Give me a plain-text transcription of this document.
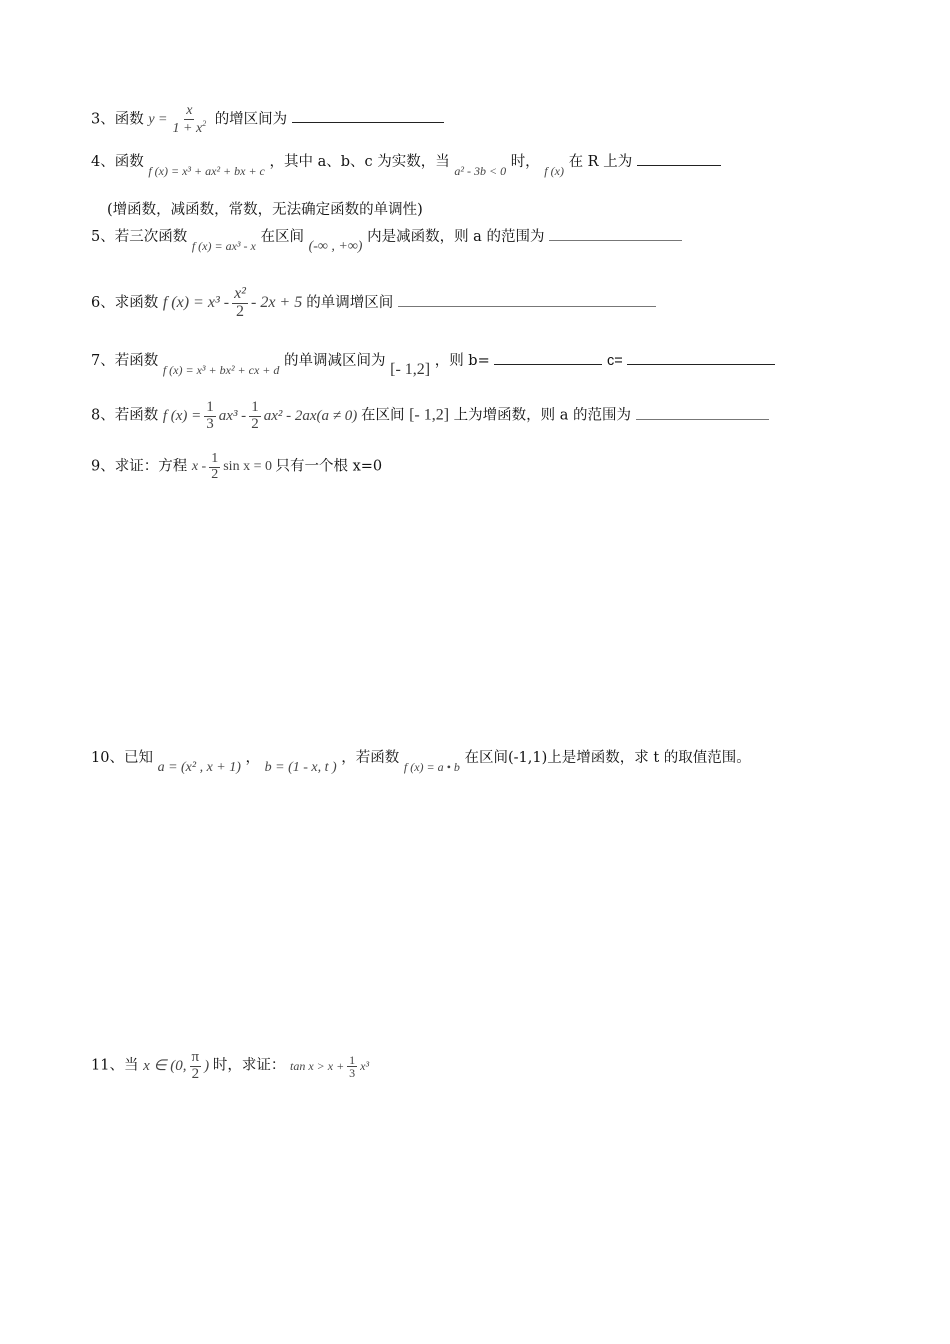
3、函数 $y = \frac{x}{1 + x^2}$ 的增区间为
4、函数 $_{f (x) = x^3 + ax^2 + bx + c}$ ，其中 a、b、c 为实数，当 $_{a^2 - 3b < 0}$ 时， $_{f (x)}$ 在 R 上为
(增函数，减函数，常数，无法确定函数的单调性)
5、若三次函数 $_{f (x) = ax^3 - x}$ 在区间 (-∞ , +∞) 内是减函数，则 a 的范围为
6、求函数 f $(x) = x^3 - \frac{\text{x²}}{2} - 2x + 5$ 的单调增区间
7、若函数 $_{f (x) = x^3 + bx^2 + cx + d}$ 的单调减区间为 [- 1,2] ，则 b=	c=
8、若函数 f $(x) = \frac{1}{3} ax^3 - \frac{1}{2} ax^2 - 2ax(a \ne 0)$ 在区间 [- 1,2] 上为增函数，则 a 的范围为
9、求证：方程 x - $\frac{1}{2}$ sin x = 0 只有一个根 x=0
10、已知 a = (x² , x + 1) ， b = (1 - x, t ) ，若函数 $_{f (x) = a • b}$ 在区间(-1,1)上是增函数，求 t 的取值范围。
11、当 x ∈ (0, $\frac{\pi}{2}$ ) 时，求证： $\tan x > x + \frac{1}{3} x^3$
